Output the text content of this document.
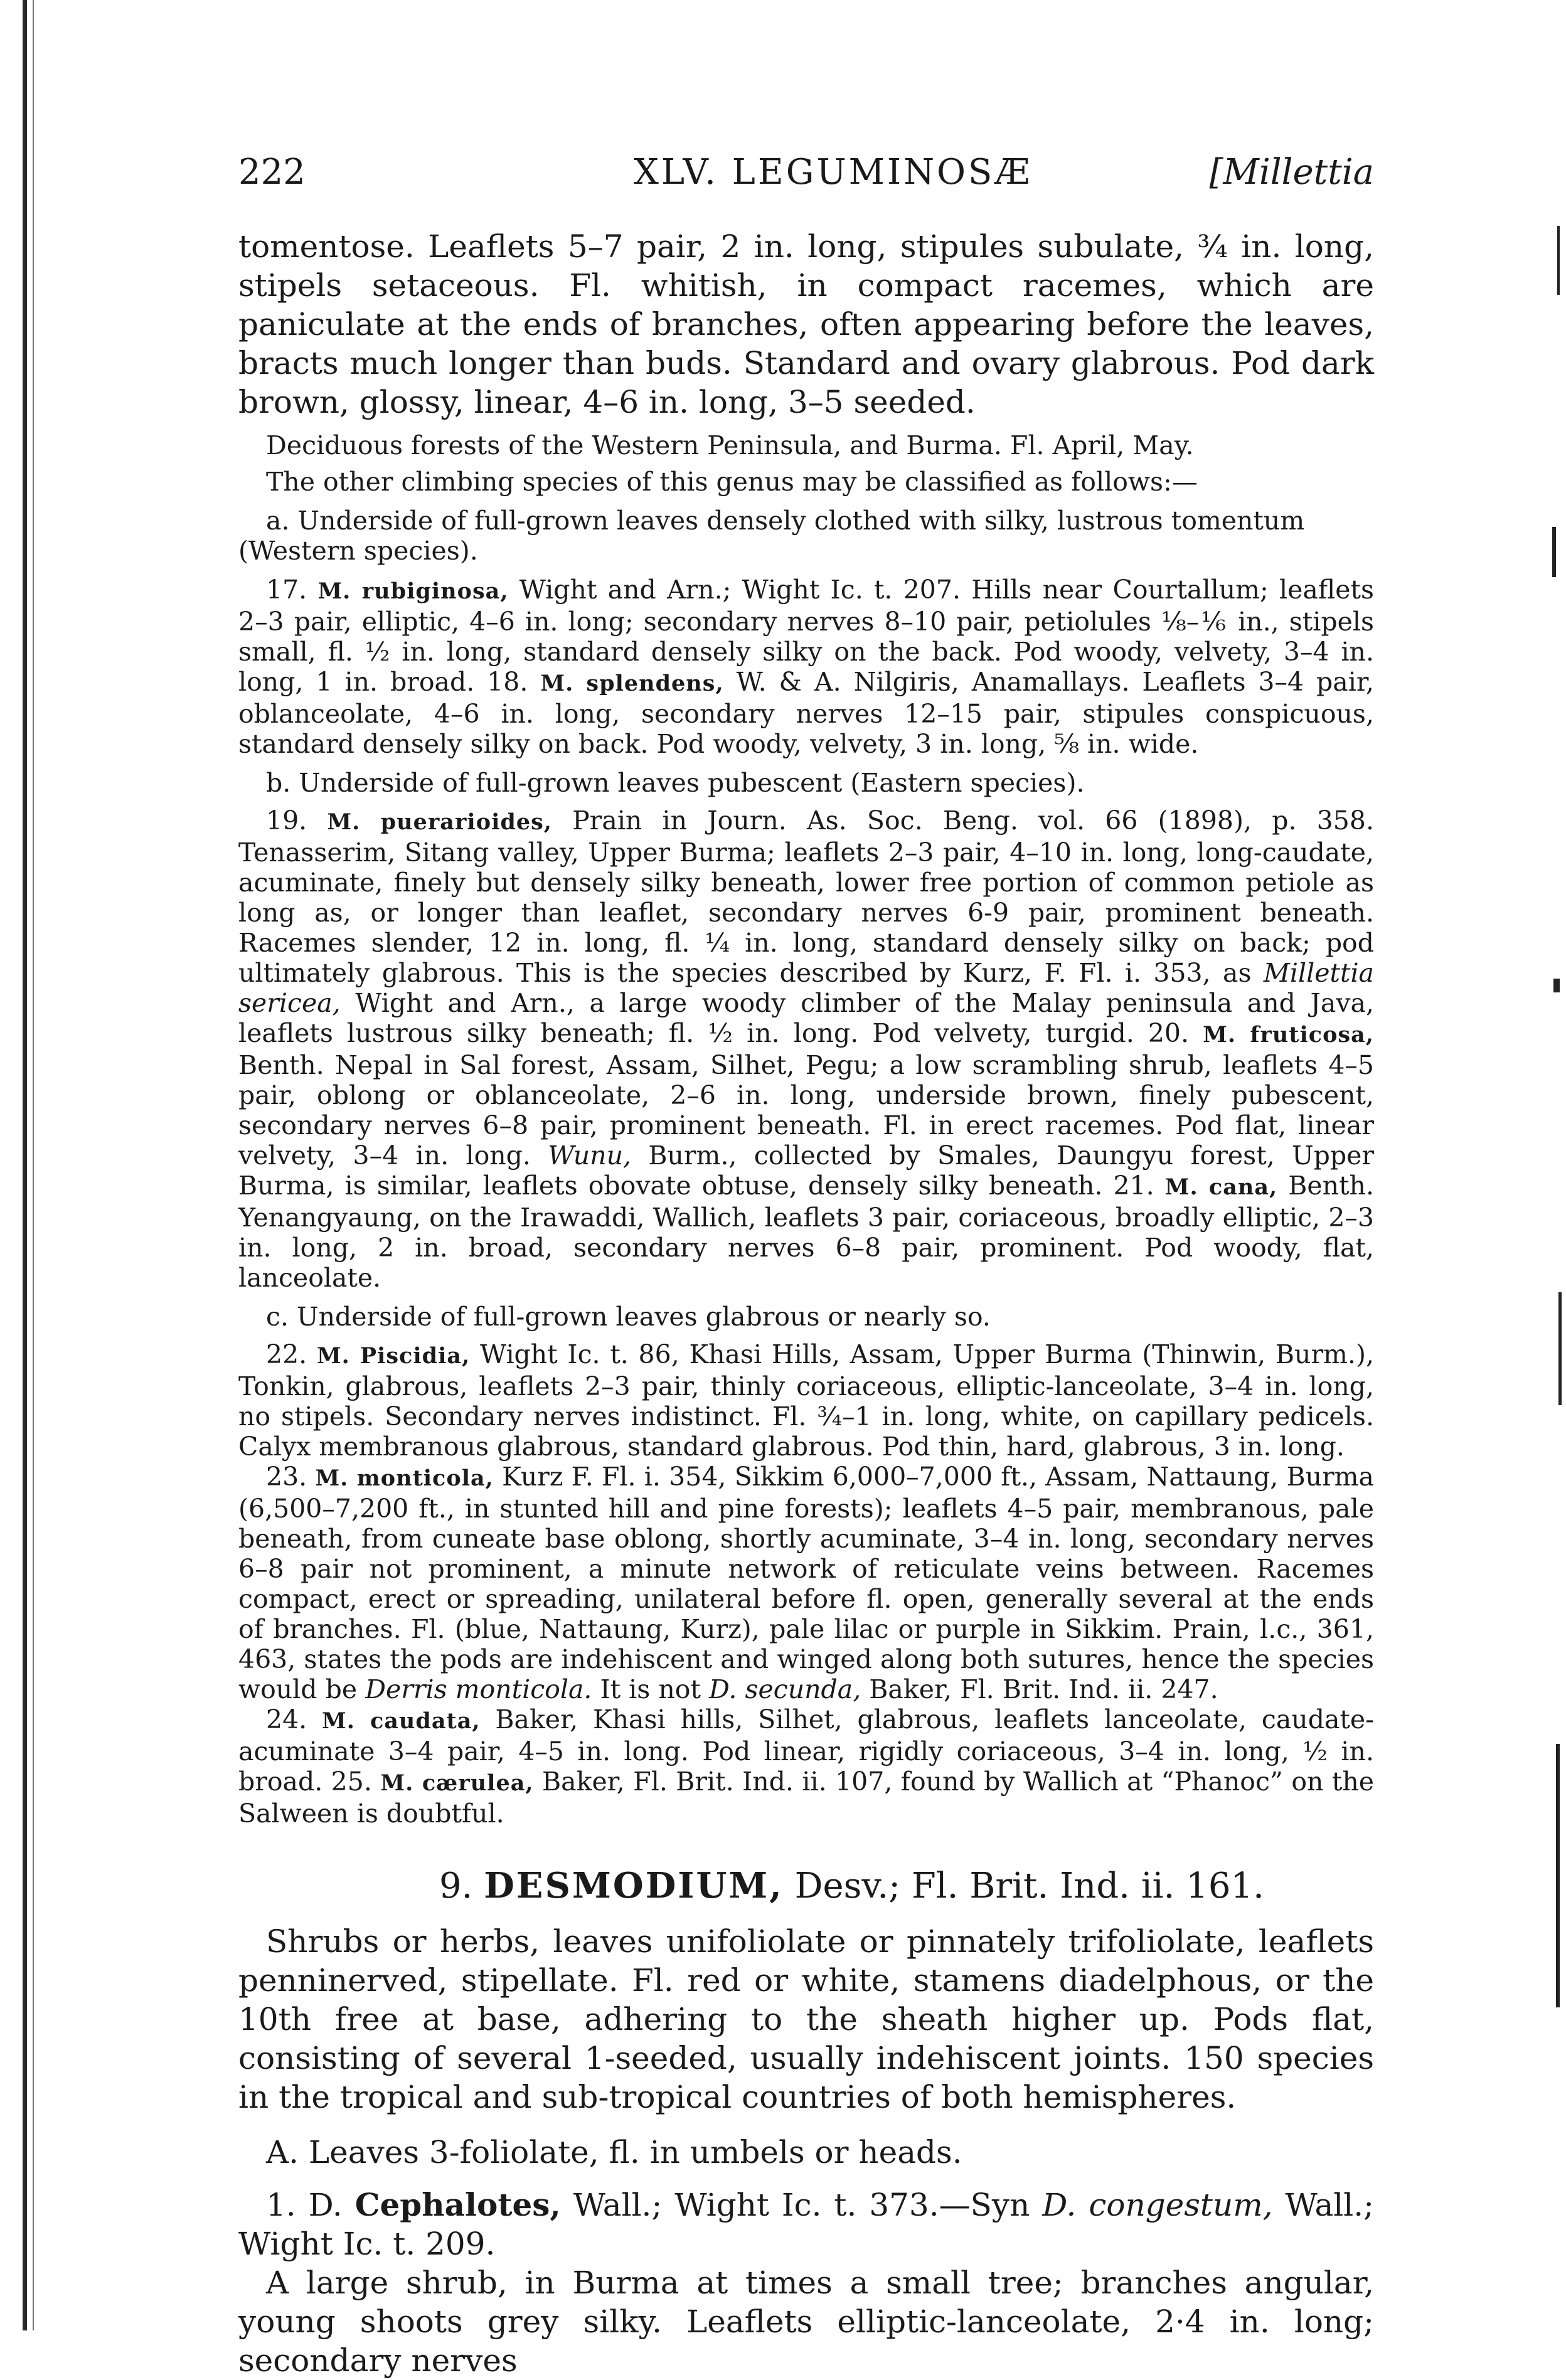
222	XLV. LEGUMINOSÆ	[Millettia

tomentose. Leaflets 5–7 pair, 2 in. long, stipules subulate, ¾ in. long, stipels setaceous. Fl. whitish, in compact racemes, which are paniculate at the ends of branches, often appearing before the leaves, bracts much longer than buds. Standard and ovary glabrous. Pod dark brown, glossy, linear, 4–6 in. long, 3–5 seeded.

Deciduous forests of the Western Peninsula, and Burma. Fl. April, May.

The other climbing species of this genus may be classified as follows:—

a. Underside of full-grown leaves densely clothed with silky, lustrous tomentum (Western species).

17. M. rubiginosa, Wight and Arn.; Wight Ic. t. 207. Hills near Courtallum; leaflets 2–3 pair, elliptic, 4–6 in. long; secondary nerves 8–10 pair, petiolules ⅛–⅙ in., stipels small, fl. ½ in. long, standard densely silky on the back. Pod woody, velvety, 3–4 in. long, 1 in. broad. 18. M. splendens, W. & A. Nilgiris, Anamallays. Leaflets 3–4 pair, oblanceolate, 4–6 in. long, secondary nerves 12–15 pair, stipules conspicuous, standard densely silky on back. Pod woody, velvety, 3 in. long, ⅝ in. wide.

b. Underside of full-grown leaves pubescent (Eastern species).

19. M. puerarioides, Prain in Journ. As. Soc. Beng. vol. 66 (1898), p. 358. Tenasserim, Sitang valley, Upper Burma; leaflets 2–3 pair, 4–10 in. long, long-caudate, acuminate, finely but densely silky beneath, lower free portion of common petiole as long as, or longer than leaflet, secondary nerves 6-9 pair, prominent beneath. Racemes slender, 12 in. long, fl. ¼ in. long, standard densely silky on back; pod ultimately glabrous. This is the species described by Kurz, F. Fl. i. 353, as Millettia sericea, Wight and Arn., a large woody climber of the Malay peninsula and Java, leaflets lustrous silky beneath; fl. ½ in. long. Pod velvety, turgid. 20. M. fruticosa, Benth. Nepal in Sal forest, Assam, Silhet, Pegu; a low scrambling shrub, leaflets 4–5 pair, oblong or oblanceolate, 2–6 in. long, underside brown, finely pubescent, secondary nerves 6–8 pair, prominent beneath. Fl. in erect racemes. Pod flat, linear velvety, 3–4 in. long. Wunu, Burm., collected by Smales, Daungyu forest, Upper Burma, is similar, leaflets obovate obtuse, densely silky beneath. 21. M. cana, Benth. Yenangyaung, on the Irawaddi, Wallich, leaflets 3 pair, coriaceous, broadly elliptic, 2–3 in. long, 2 in. broad, secondary nerves 6–8 pair, prominent. Pod woody, flat, lanceolate.

c. Underside of full-grown leaves glabrous or nearly so.

22. M. Piscidia, Wight Ic. t. 86, Khasi Hills, Assam, Upper Burma (Thinwin, Burm.), Tonkin, glabrous, leaflets 2–3 pair, thinly coriaceous, elliptic-lanceolate, 3–4 in. long, no stipels. Secondary nerves indistinct. Fl. ¾–1 in. long, white, on capillary pedicels. Calyx membranous glabrous, standard glabrous. Pod thin, hard, glabrous, 3 in. long.

23. M. monticola, Kurz F. Fl. i. 354, Sikkim 6,000–7,000 ft., Assam, Nattaung, Burma (6,500–7,200 ft., in stunted hill and pine forests); leaflets 4–5 pair, membranous, pale beneath, from cuneate base oblong, shortly acuminate, 3–4 in. long, secondary nerves 6–8 pair not prominent, a minute network of reticulate veins between. Racemes compact, erect or spreading, unilateral before fl. open, generally several at the ends of branches. Fl. (blue, Nattaung, Kurz), pale lilac or purple in Sikkim. Prain, l.c., 361, 463, states the pods are indehiscent and winged along both sutures, hence the species would be Derris monticola. It is not D. secunda, Baker, Fl. Brit. Ind. ii. 247.

24. M. caudata, Baker, Khasi hills, Silhet, glabrous, leaflets lanceolate, caudate-acuminate 3–4 pair, 4–5 in. long. Pod linear, rigidly coriaceous, 3–4 in. long, ½ in. broad. 25. M. cærulea, Baker, Fl. Brit. Ind. ii. 107, found by Wallich at “Phanoc” on the Salween is doubtful.

9. DESMODIUM, Desv.; Fl. Brit. Ind. ii. 161.

Shrubs or herbs, leaves unifoliolate or pinnately trifoliolate, leaflets penninerved, stipellate. Fl. red or white, stamens diadelphous, or the 10th free at base, adhering to the sheath higher up. Pods flat, consisting of several 1-seeded, usually indehiscent joints. 150 species in the tropical and sub-tropical countries of both hemispheres.

A. Leaves 3-foliolate, fl. in umbels or heads.

1. D. Cephalotes, Wall.; Wight Ic. t. 373.—Syn D. congestum, Wall.; Wight Ic. t. 209.

A large shrub, in Burma at times a small tree; branches angular, young shoots grey silky. Leaflets elliptic-lanceolate, 2·4 in. long; secondary nerves
